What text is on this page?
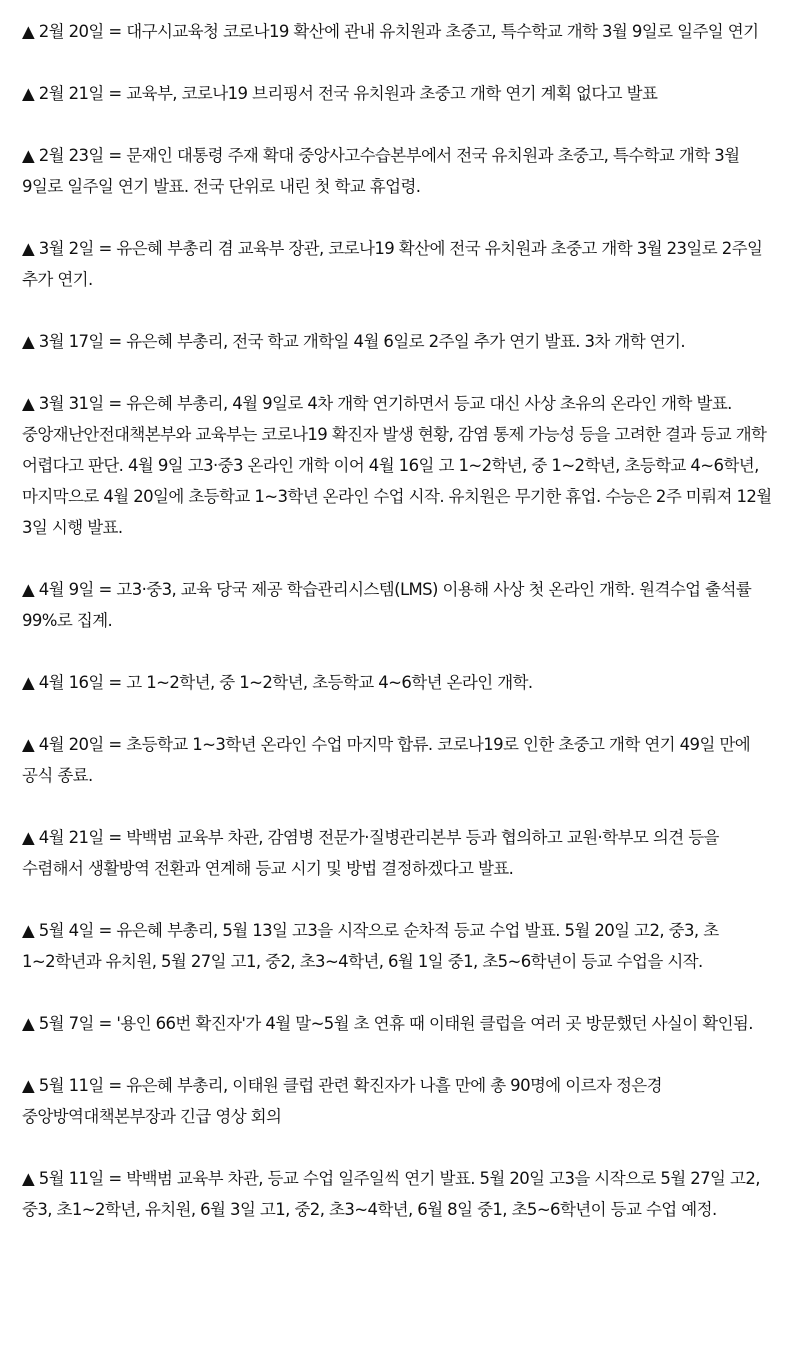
▲ 2월 20일 = 대구시교육청 코로나19 확산에 관내 유치원과 초중고, 특수학교 개학 3월 9일로 일주일 연기

▲ 2월 21일 = 교육부, 코로나19 브리핑서 전국 유치원과 초중고 개학 연기 계획 없다고 발표

▲ 2월 23일 = 문재인 대통령 주재 확대 중앙사고수습본부에서 전국 유치원과 초중고, 특수학교 개학 3월 9일로 일주일 연기 발표. 전국 단위로 내린 첫 학교 휴업령.

▲ 3월 2일 = 유은혜 부총리 겸 교육부 장관, 코로나19 확산에 전국 유치원과 초중고 개학 3월 23일로 2주일 추가 연기.

▲ 3월 17일 = 유은혜 부총리, 전국 학교 개학일 4월 6일로 2주일 추가 연기 발표. 3차 개학 연기.

▲ 3월 31일 = 유은혜 부총리, 4월 9일로 4차 개학 연기하면서 등교 대신 사상 초유의 온라인 개학 발표. 중앙재난안전대책본부와 교육부는 코로나19 확진자 발생 현황, 감염 통제 가능성 등을 고려한 결과 등교 개학 어렵다고 판단. 4월 9일 고3·중3 온라인 개학 이어 4월 16일 고 1~2학년, 중 1~2학년, 초등학교 4~6학년, 마지막으로 4월 20일에 초등학교 1~3학년 온라인 수업 시작. 유치원은 무기한 휴업. 수능은 2주 미뤄져 12월 3일 시행 발표.

▲ 4월 9일 = 고3·중3, 교육 당국 제공 학습관리시스템(LMS) 이용해 사상 첫 온라인 개학. 원격수업 출석률 99%로 집계.

▲ 4월 16일 = 고 1~2학년, 중 1~2학년, 초등학교 4~6학년 온라인 개학.

▲ 4월 20일 = 초등학교 1~3학년 온라인 수업 마지막 합류. 코로나19로 인한 초중고 개학 연기 49일 만에 공식 종료.

▲ 4월 21일 = 박백범 교육부 차관, 감염병 전문가·질병관리본부 등과 협의하고 교원·학부모 의견 등을 수렴해서 생활방역 전환과 연계해 등교 시기 및 방법 결정하겠다고 발표.

▲ 5월 4일 = 유은혜 부총리, 5월 13일 고3을 시작으로 순차적 등교 수업 발표. 5월 20일 고2, 중3, 초 1~2학년과 유치원, 5월 27일 고1, 중2, 초3~4학년, 6월 1일 중1, 초5~6학년이 등교 수업을 시작.

▲ 5월 7일 = '용인 66번 확진자'가 4월 말~5월 초 연휴 때 이태원 클럽을 여러 곳 방문했던 사실이 확인됨.

▲ 5월 11일 = 유은혜 부총리, 이태원 클럽 관련 확진자가 나흘 만에 총 90명에 이르자 정은경 중앙방역대책본부장과 긴급 영상 회의

▲ 5월 11일 = 박백범 교육부 차관, 등교 수업 일주일씩 연기 발표. 5월 20일 고3을 시작으로 5월 27일 고2, 중3, 초1~2학년, 유치원, 6월 3일 고1, 중2, 초3~4학년, 6월 8일 중1, 초5~6학년이 등교 수업 예정.
